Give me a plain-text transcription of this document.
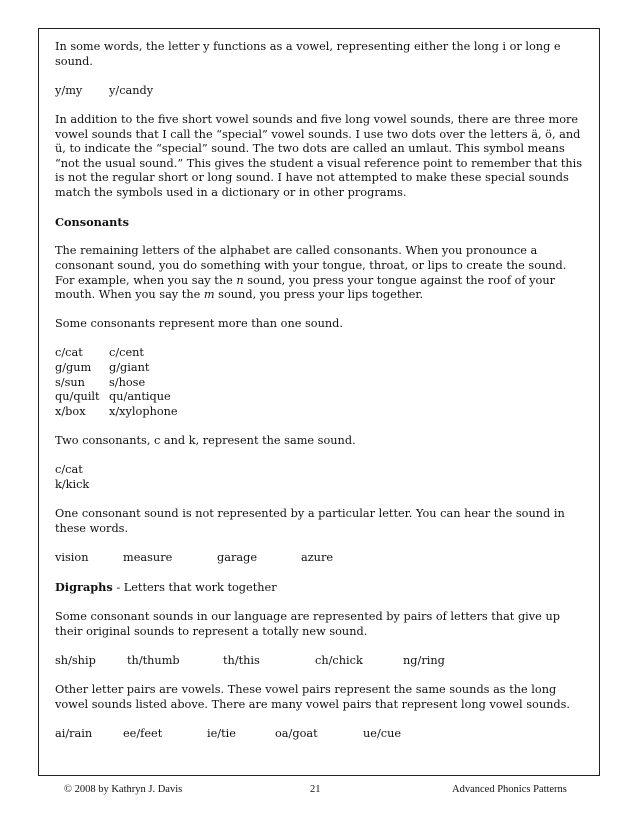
In some words, the letter y functions as a vowel, representing either the long i or long e sound.

y/my y/candy

In addition to the five short vowel sounds and five long vowel sounds, there are three more vowel sounds that I call the “special” vowel sounds. I use two dots over the letters ä, ö, and ü, to indicate the “special” sound. The two dots are called an umlaut. This symbol means “not the usual sound.” This gives the student a visual reference point to remember that this is not the regular short or long sound. I have not attempted to make these special sounds match the symbols used in a dictionary or in other programs.

Consonants

The remaining letters of the alphabet are called consonants. When you pronounce a consonant sound, you do something with your tongue, throat, or lips to create the sound. For example, when you say the n sound, you press your tongue against the roof of your mouth. When you say the m sound, you press your lips together.

Some consonants represent more than one sound.

c/cat c/cent
g/gum g/giant
s/sun s/hose
qu/quilt qu/antique
x/box x/xylophone

Two consonants, c and k, represent the same sound.

c/cat
k/kick

One consonant sound is not represented by a particular letter. You can hear the sound in these words.

vision	measure	garage	azure
Digraphs - Letters that work together

Some consonant sounds in our language are represented by pairs of letters that give up their original sounds to represent a totally new sound.

sh/ship	th/thumb	th/this	ch/chick	ng/ring

Other letter pairs are vowels. These vowel pairs represent the same sounds as the long vowel sounds listed above. There are many vowel pairs that represent long vowel sounds.

ai/rain	ee/feet	ie/tie	oa/goat	ue/cue
© 2008 by Kathryn J. Davis	21	Advanced Phonics Patterns
